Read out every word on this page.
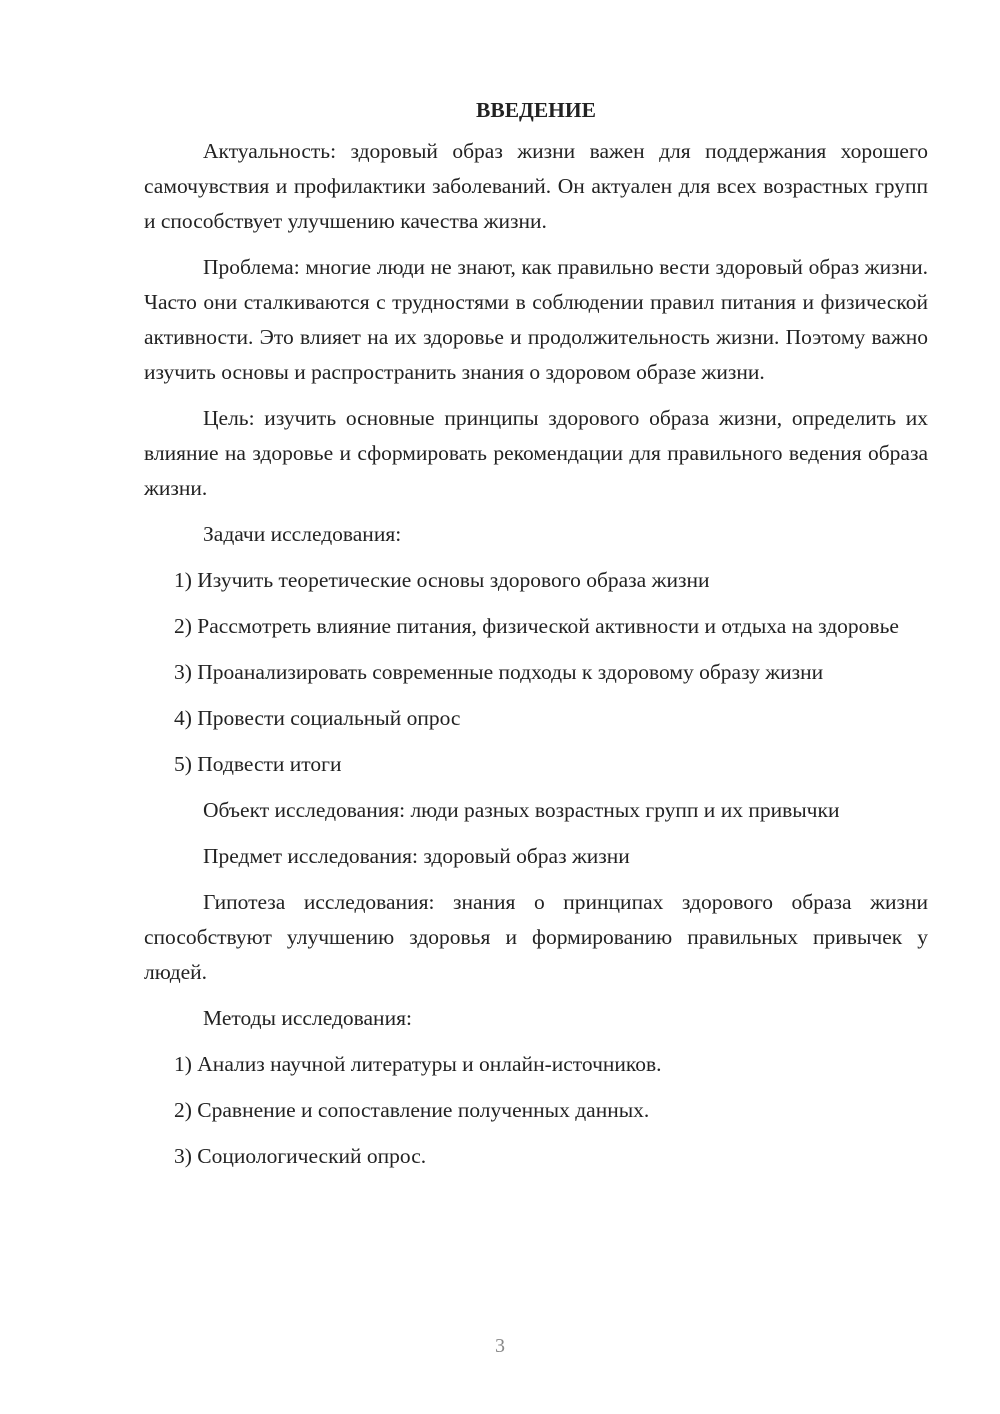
ВВЕДЕНИЕ

Актуальность: здоровый образ жизни важен для поддержания хорошего самочувствия и профилактики заболеваний. Он актуален для всех возрастных групп и способствует улучшению качества жизни.

Проблема: многие люди не знают, как правильно вести здоровый образ жизни. Часто они сталкиваются с трудностями в соблюдении правил питания и физической активности. Это влияет на их здоровье и продолжительность жизни. Поэтому важно изучить основы и распространить знания о здоровом образе жизни.

Цель: изучить основные принципы здорового образа жизни, определить их влияние на здоровье и сформировать рекомендации для правильного ведения образа жизни.

Задачи исследования:

1) Изучить теоретические основы здорового образа жизни

2) Рассмотреть влияние питания, физической активности и отдыха на здоровье

3) Проанализировать современные подходы к здоровому образу жизни

4) Провести социальный опрос

5) Подвести итоги

Объект исследования: люди разных возрастных групп и их привычки

Предмет исследования: здоровый образ жизни

Гипотеза исследования: знания о принципах здорового образа жизни способствуют улучшению здоровья и формированию правильных привычек у людей.

Методы исследования:

1) Анализ научной литературы и онлайн-источников.

2) Сравнение и сопоставление полученных данных.

3) Социологический опрос.

3
